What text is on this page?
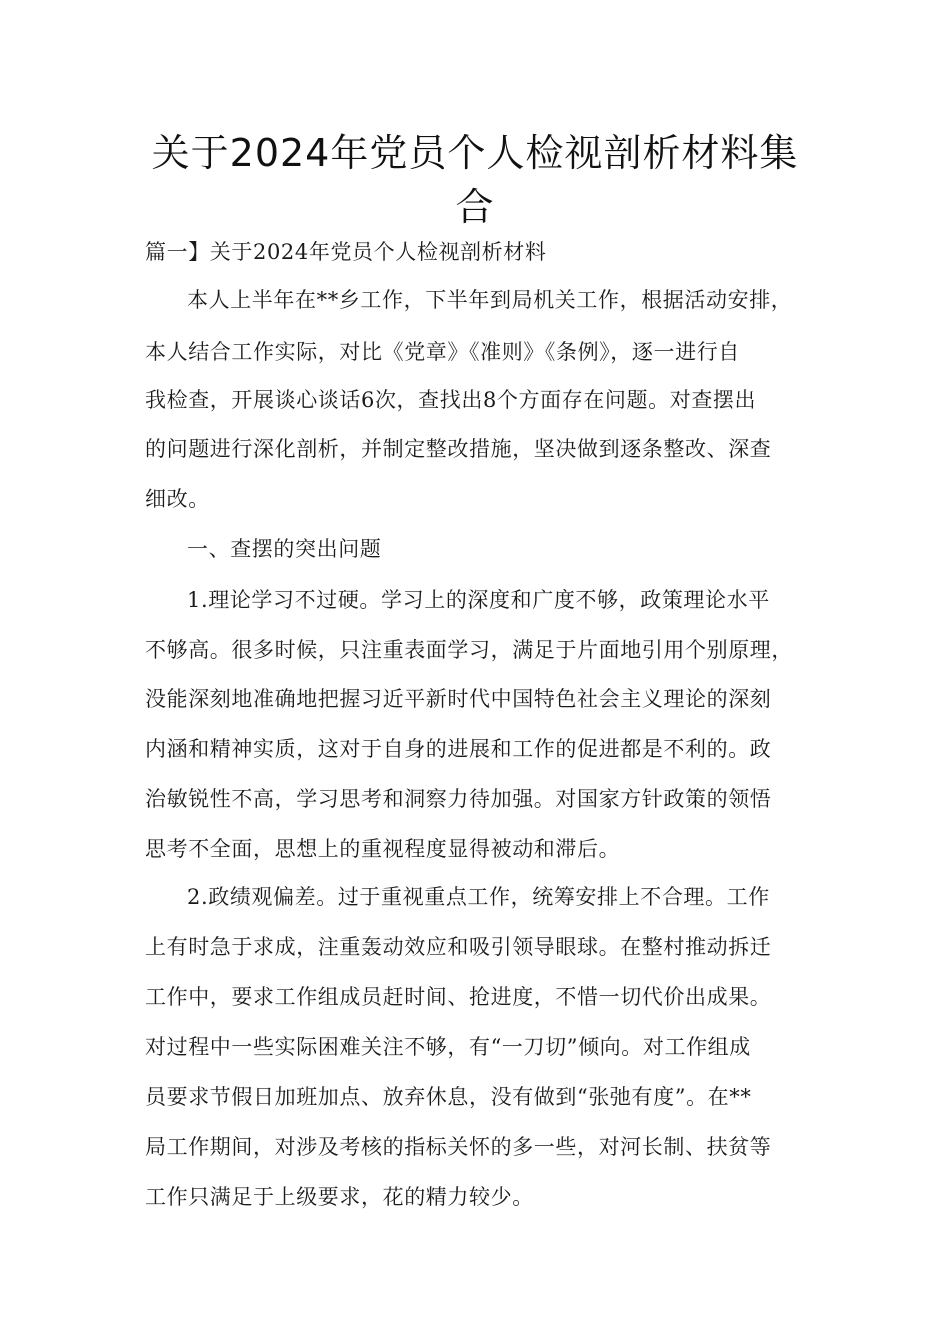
关于2024年党员个人检视剖析材料集
合
篇一】关于2024年党员个人检视剖析材料
本人上半年在**乡工作，下半年到局机关工作，根据活动安排，
本人结合工作实际，对比《党章》《准则》《条例》，逐一进行自
我检查，开展谈心谈话6次，查找出8个方面存在问题。对查摆出
的问题进行深化剖析，并制定整改措施，坚决做到逐条整改、深查
细改。
一、查摆的突出问题
1.理论学习不过硬。学习上的深度和广度不够，政策理论水平
不够高。很多时候，只注重表面学习，满足于片面地引用个别原理，
没能深刻地准确地把握习近平新时代中国特色社会主义理论的深刻
内涵和精神实质，这对于自身的进展和工作的促进都是不利的。政
治敏锐性不高，学习思考和洞察力待加强。对国家方针政策的领悟
思考不全面，思想上的重视程度显得被动和滞后。
2.政绩观偏差。过于重视重点工作，统筹安排上不合理。工作
上有时急于求成，注重轰动效应和吸引领导眼球。在整村推动拆迁
工作中，要求工作组成员赶时间、抢进度，不惜一切代价出成果。
对过程中一些实际困难关注不够，有“一刀切”倾向。对工作组成
员要求节假日加班加点、放弃休息，没有做到“张弛有度”。在**
局工作期间，对涉及考核的指标关怀的多一些，对河长制、扶贫等
工作只满足于上级要求，花的精力较少。
